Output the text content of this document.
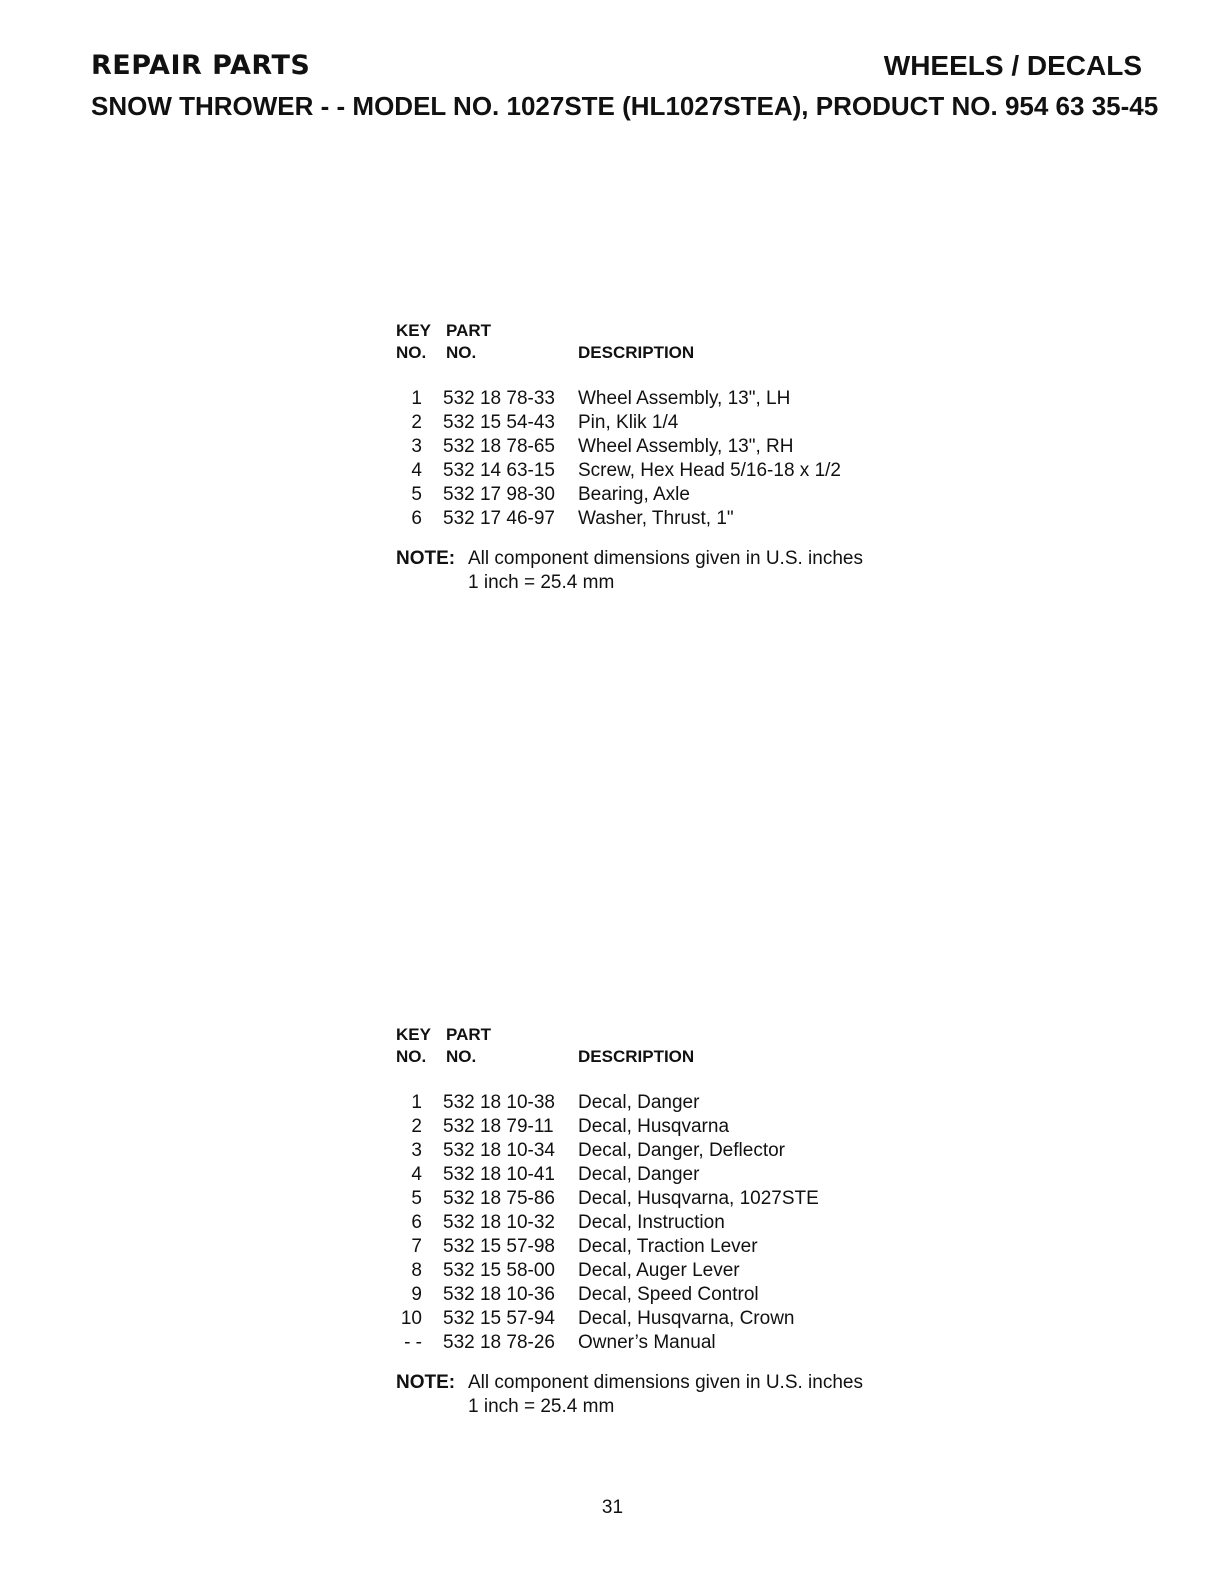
REPAIR PARTS	WHEELS / DECALS
SNOW THROWER - - MODEL NO. 1027STE (HL1027STEA), PRODUCT NO. 954 63 35-45
KEY
NO.
PART
NO.	DESCRIPTION
1 532 18 78-33 Wheel Assembly, 13", LH
2 532 15 54-43 Pin, Klik 1/4
3 532 18 78-65 Wheel Assembly, 13", RH
4 532 14 63-15 Screw, Hex Head 5/16-18 x 1/2
5 532 17 98-30 Bearing, Axle
6 532 17 46-97 Washer, Thrust, 1"
NOTE: All component dimensions given in U.S. inches
1 inch = 25.4 mm
KEY
NO.
PART
NO.	DESCRIPTION
1 532 18 10-38 Decal, Danger
2 532 18 79-11 Decal, Husqvarna
3 532 18 10-34 Decal, Danger, Deflector
4 532 18 10-41 Decal, Danger
5 532 18 75-86 Decal, Husqvarna, 1027STE
6 532 18 10-32 Decal, Instruction
7 532 15 57-98 Decal, Traction Lever
8 532 15 58-00 Decal, Auger Lever
9 532 18 10-36 Decal, Speed Control
10 532 15 57-94 Decal, Husqvarna, Crown
- - 532 18 78-26 Owner’s Manual
NOTE: All component dimensions given in U.S. inches
1 inch = 25.4 mm
31
